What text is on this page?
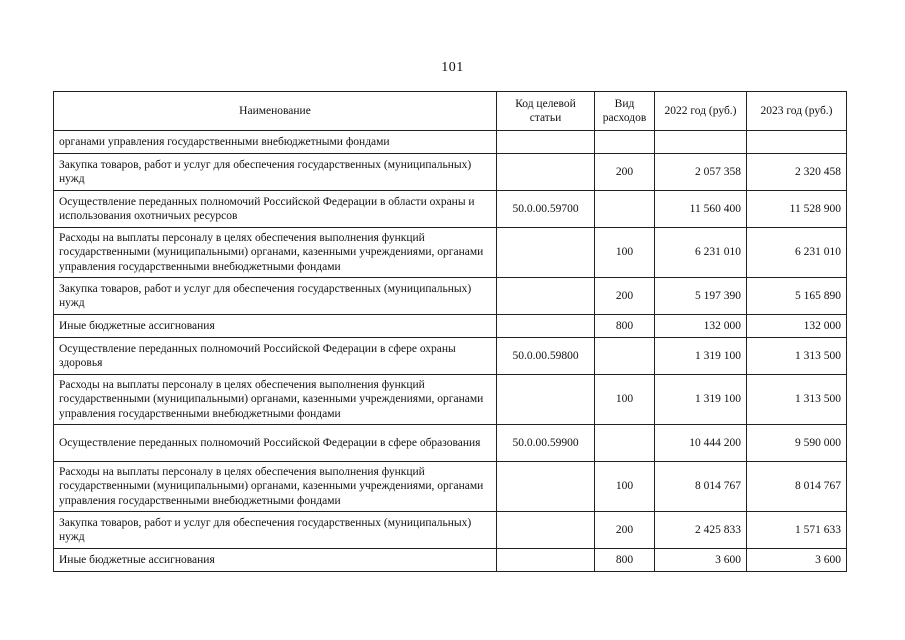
101
Наименование	Код целевой статьи	Вид расходов	2022 год (руб.)	2023 год (руб.)
органами управления государственными внебюджетными фондами				
Закупка товаров, работ и услуг для обеспечения государственных (муниципальных) нужд		200	2 057 358	2 320 458
Осуществление переданных полномочий Российской Федерации в области охраны и использования охотничьих ресурсов	50.0.00.59700		11 560 400	11 528 900
Расходы на выплаты персоналу в целях обеспечения выполнения функций государственными (муниципальными) органами, казенными учреждениями, органами управления государственными внебюджетными фондами		100	6 231 010	6 231 010
Закупка товаров, работ и услуг для обеспечения государственных (муниципальных) нужд		200	5 197 390	5 165 890
Иные бюджетные ассигнования		800	132 000	132 000
Осуществление переданных полномочий Российской Федерации в сфере охраны здоровья	50.0.00.59800		1 319 100	1 313 500
Расходы на выплаты персоналу в целях обеспечения выполнения функций государственными (муниципальными) органами, казенными учреждениями, органами управления государственными внебюджетными фондами		100	1 319 100	1 313 500
Осуществление переданных полномочий Российской Федерации в сфере образования	50.0.00.59900		10 444 200	9 590 000
Расходы на выплаты персоналу в целях обеспечения выполнения функций государственными (муниципальными) органами, казенными учреждениями, органами управления государственными внебюджетными фондами		100	8 014 767	8 014 767
Закупка товаров, работ и услуг для обеспечения государственных (муниципальных) нужд		200	2 425 833	1 571 633
Иные бюджетные ассигнования		800	3 600	3 600
